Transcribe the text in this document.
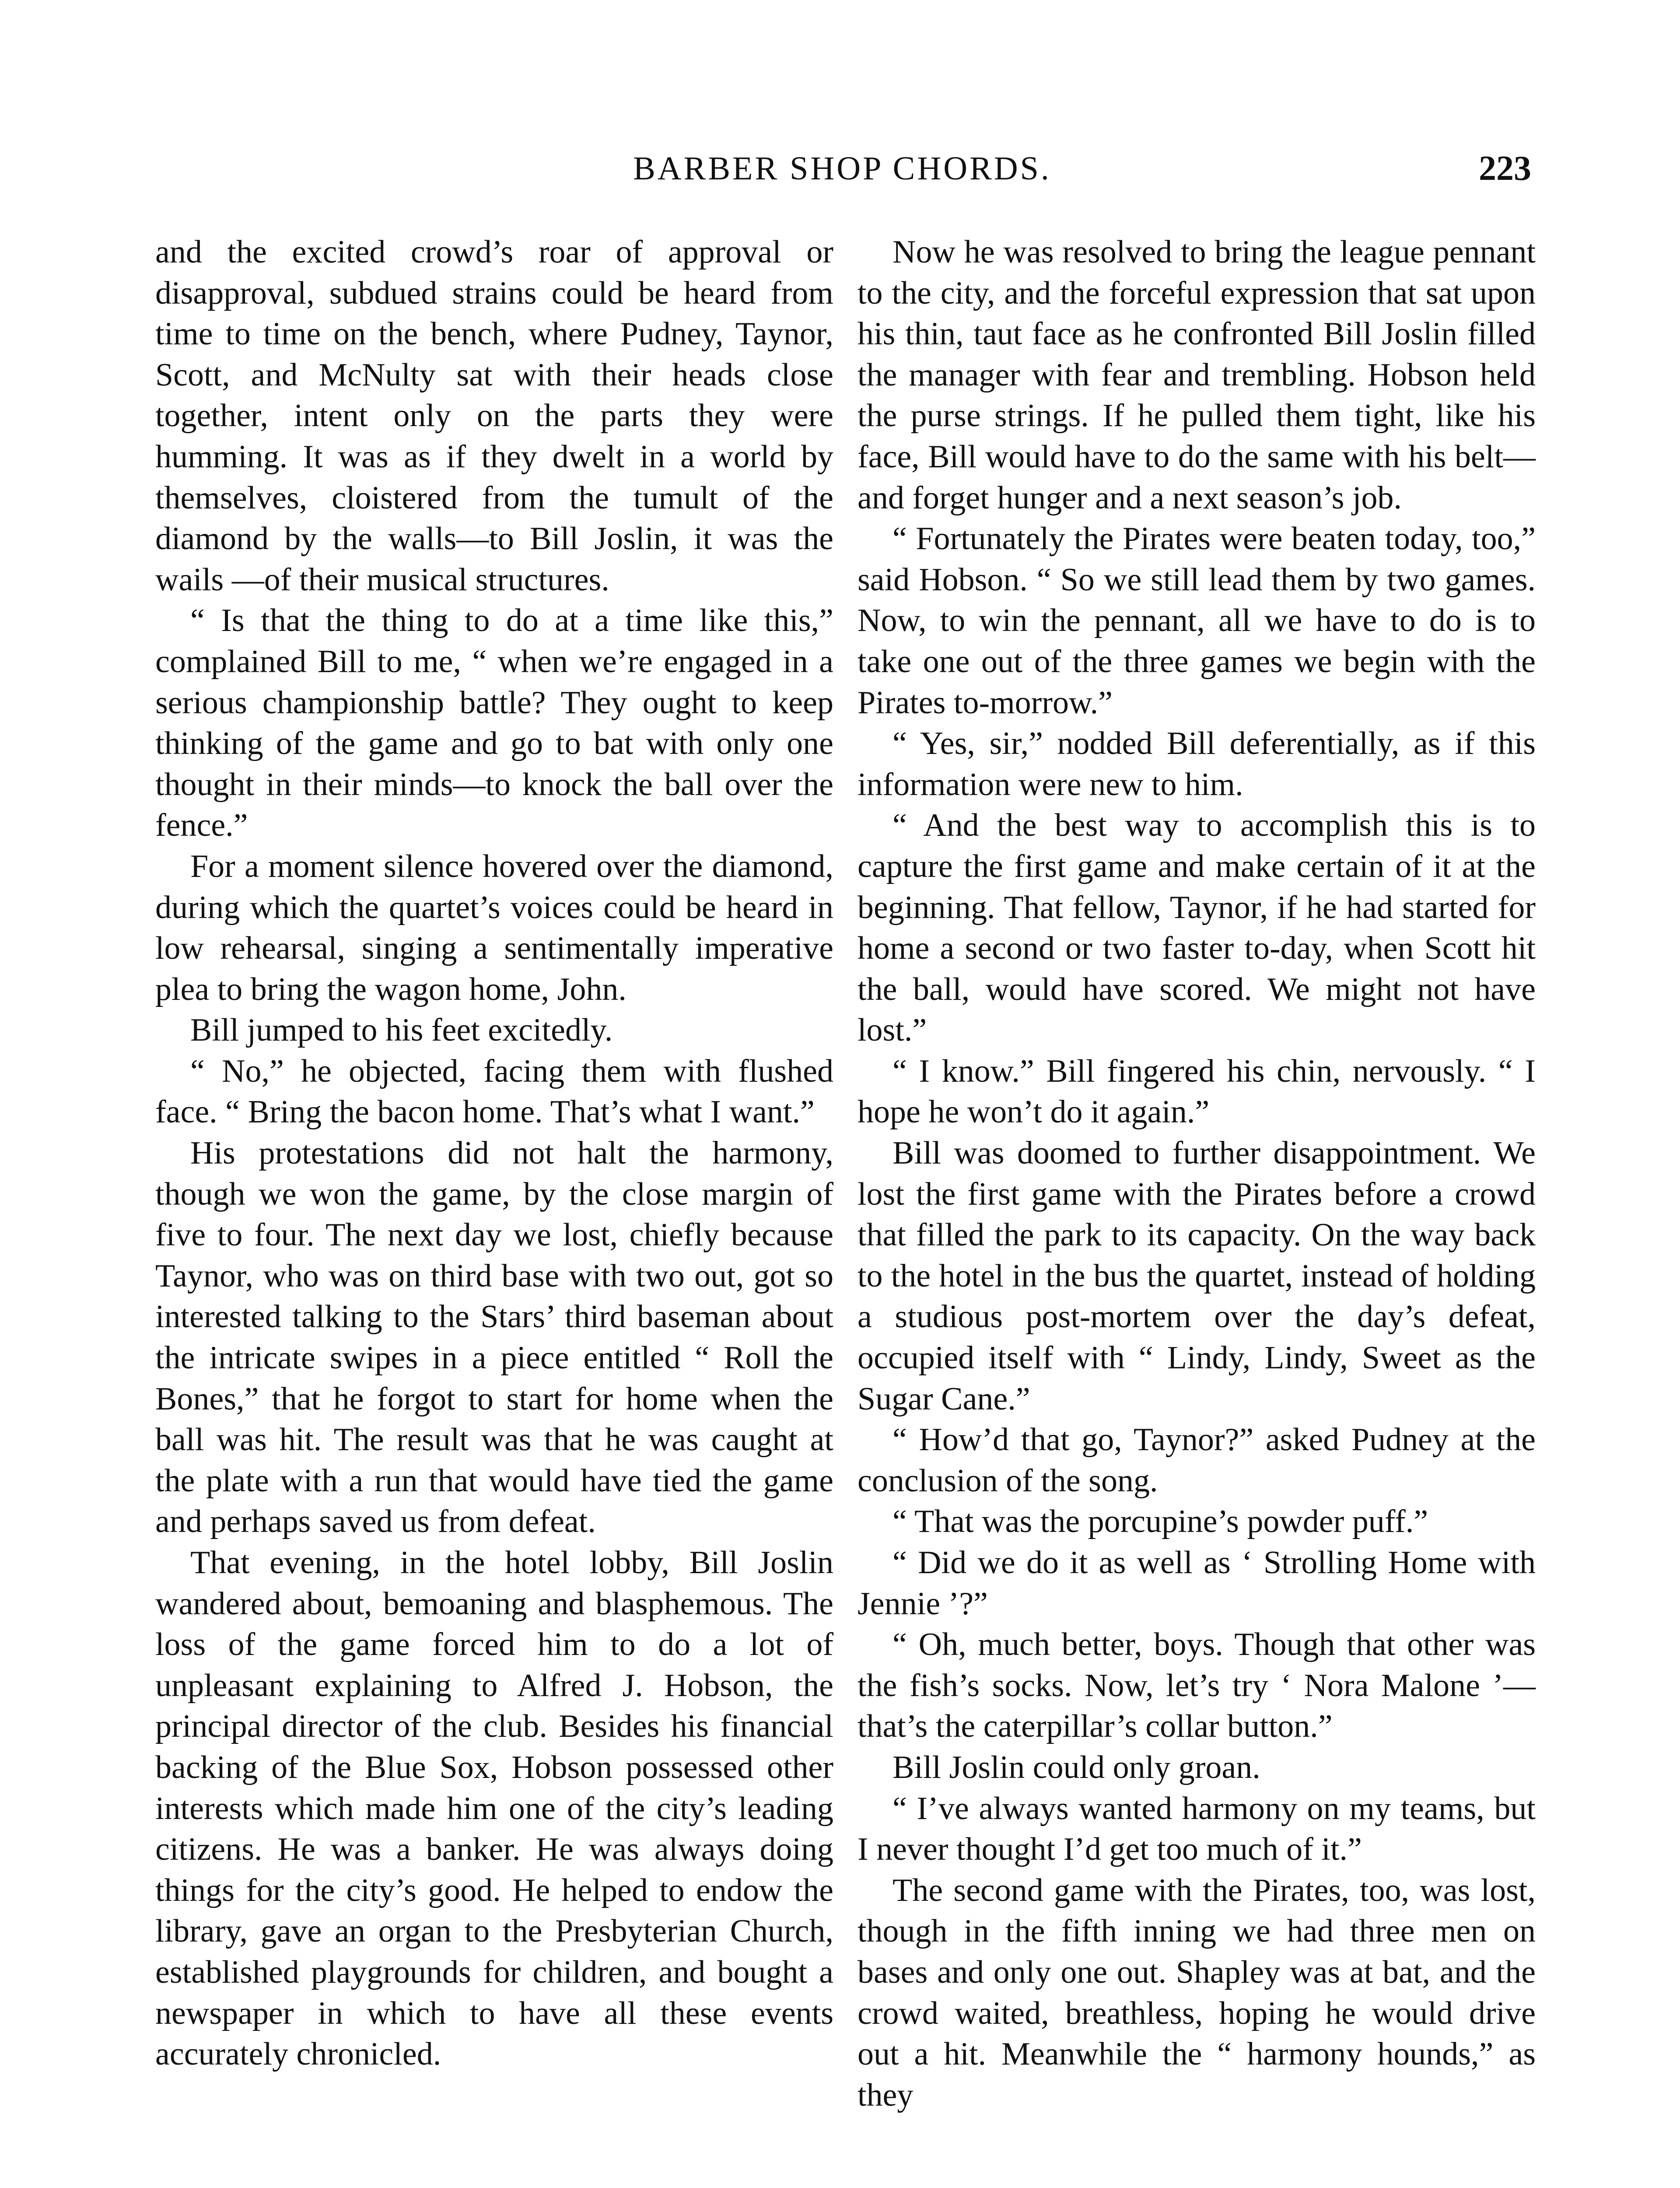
BARBER SHOP CHORDS.	223

and the excited crowd’s roar of approval or disapproval, subdued strains could be heard from time to time on the bench, where Pudney, Taynor, Scott, and McNulty sat with their heads close together, intent only on the parts they were humming. It was as if they dwelt in a world by themselves, cloistered from the tumult of the diamond by the walls—to Bill Joslin, it was the wails —of their musical structures.

“ Is that the thing to do at a time like this,” complained Bill to me, “ when we’re engaged in a serious championship battle? They ought to keep thinking of the game and go to bat with only one thought in their minds—to knock the ball over the fence.”

For a moment silence hovered over the diamond, during which the quartet’s voices could be heard in low rehearsal, singing a sentimentally imperative plea to bring the wagon home, John.

Bill jumped to his feet excitedly.

“ No,” he objected, facing them with flushed face. “ Bring the bacon home. That’s what I want.”

His protestations did not halt the harmony, though we won the game, by the close margin of five to four. The next day we lost, chiefly because Taynor, who was on third base with two out, got so interested talking to the Stars’ third baseman about the intricate swipes in a piece entitled “ Roll the Bones,” that he forgot to start for home when the ball was hit. The result was that he was caught at the plate with a run that would have tied the game and perhaps saved us from defeat.

That evening, in the hotel lobby, Bill Joslin wandered about, bemoaning and blasphemous. The loss of the game forced him to do a lot of unpleasant explaining to Alfred J. Hobson, the principal director of the club. Besides his financial backing of the Blue Sox, Hobson possessed other interests which made him one of the city’s leading citizens. He was a banker. He was always doing things for the city’s good. He helped to endow the library, gave an organ to the Presbyterian Church, established playgrounds for children, and bought a newspaper in which to have all these events accurately chronicled.

Now he was resolved to bring the league pennant to the city, and the forceful expression that sat upon his thin, taut face as he confronted Bill Joslin filled the manager with fear and trembling. Hobson held the purse strings. If he pulled them tight, like his face, Bill would have to do the same with his belt—and forget hunger and a next season’s job.

“ Fortunately the Pirates were beaten today, too,” said Hobson. “ So we still lead them by two games. Now, to win the pennant, all we have to do is to take one out of the three games we begin with the Pirates to-morrow.”

“ Yes, sir,” nodded Bill deferentially, as if this information were new to him.

“ And the best way to accomplish this is to capture the first game and make certain of it at the beginning. That fellow, Taynor, if he had started for home a second or two faster to-day, when Scott hit the ball, would have scored. We might not have lost.”

“ I know.” Bill fingered his chin, nervously. “ I hope he won’t do it again.”

Bill was doomed to further disappointment. We lost the first game with the Pirates before a crowd that filled the park to its capacity. On the way back to the hotel in the bus the quartet, instead of holding a studious post-mortem over the day’s defeat, occupied itself with “ Lindy, Lindy, Sweet as the Sugar Cane.”

“ How’d that go, Taynor?” asked Pudney at the conclusion of the song.

“ That was the porcupine’s powder puff.”

“ Did we do it as well as ‘ Strolling Home with Jennie ’?”

“ Oh, much better, boys. Though that other was the fish’s socks. Now, let’s try ‘ Nora Malone ’—that’s the caterpillar’s collar button.”

Bill Joslin could only groan.

“ I’ve always wanted harmony on my teams, but I never thought I’d get too much of it.”

The second game with the Pirates, too, was lost, though in the fifth inning we had three men on bases and only one out. Shapley was at bat, and the crowd waited, breathless, hoping he would drive out a hit. Meanwhile the “ harmony hounds,” as they
